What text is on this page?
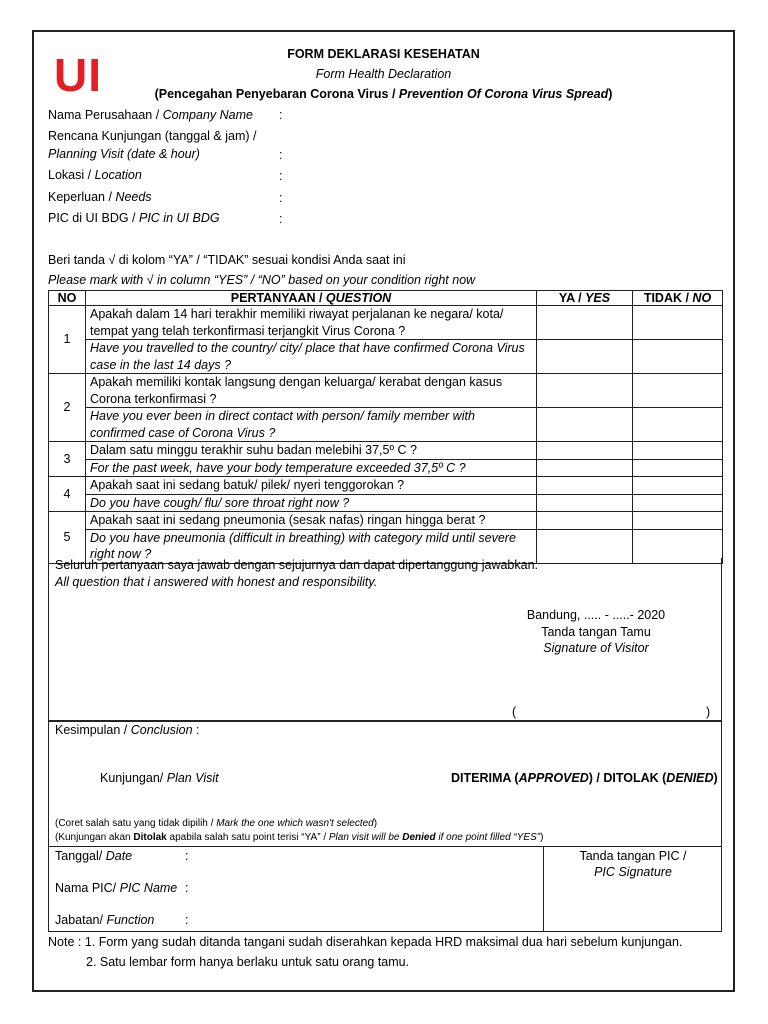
UI	FORM DEKLARASI KESEHATAN
Form Health Declaration
(Pencegahan Penyebaran Corona Virus / Prevention Of Corona Virus Spread)
Nama Perusahaan / Company Name :
Rencana Kunjungan (tanggal & jam) /
Planning Visit (date & hour)	:
Lokasi / Location	:
Keperluan / Needs	:
PIC di UI BDG / PIC in UI BDG	:
Beri tanda √ di kolom “YA” / “TIDAK” sesuai kondisi Anda saat ini
Please mark with √ in column “YES” / “NO” based on your condition right now
NO	PERTANYAAN / QUESTION	YA / YES	TIDAK / NO
1	Apakah dalam 14 hari terakhir memiliki riwayat perjalanan ke negara/ kota/ tempat yang telah terkonfirmasi terjangkit Virus Corona ?		
	Have you travelled to the country/ city/ place that have confirmed Corona Virus case in the last 14 days ?		
2	Apakah memiliki kontak langsung dengan keluarga/ kerabat dengan kasus Corona terkonfirmasi ?		
	Have you ever been in direct contact with person/ family member with confirmed case of Corona Virus ?		
3	Dalam satu minggu terakhir suhu badan melebihi 37,5º C ?		
	For the past week, have your body temperature exceeded 37,5º C ?		
4	Apakah saat ini sedang batuk/ pilek/ nyeri tenggorokan ?		
	Do you have cough/ flu/ sore throat right now ?		
5	Apakah saat ini sedang pneumonia (sesak nafas) ringan hingga berat ?		
	Do you have pneumonia (difficult in breathing) with category mild until severe right now ?		
Seluruh pertanyaan saya jawab dengan sejujurnya dan dapat dipertanggung jawabkan.
All question that i answered with honest and responsibility.
Bandung, ..... - .....- 2020
Tanda tangan Tamu
Signature of Visitor
(	)
Kesimpulan / Conclusion :
Kunjungan/ Plan Visit	DITERIMA (APPROVED) / DITOLAK (DENIED)
(Coret salah satu yang tidak dipilih / Mark the one which wasn't selected)
(Kunjungan akan Ditolak apabila salah satu point terisi “YA” / Plan visit will be Denied if one point filled “YES”)
Tanggal/ Date	:
Nama PIC/ PIC Name :
Jabatan/ Function :
Tanda tangan PIC /
PIC Signature
Note : 1. Form yang sudah ditanda tangani sudah diserahkan kepada HRD maksimal dua hari sebelum kunjungan.
2. Satu lembar form hanya berlaku untuk satu orang tamu.
